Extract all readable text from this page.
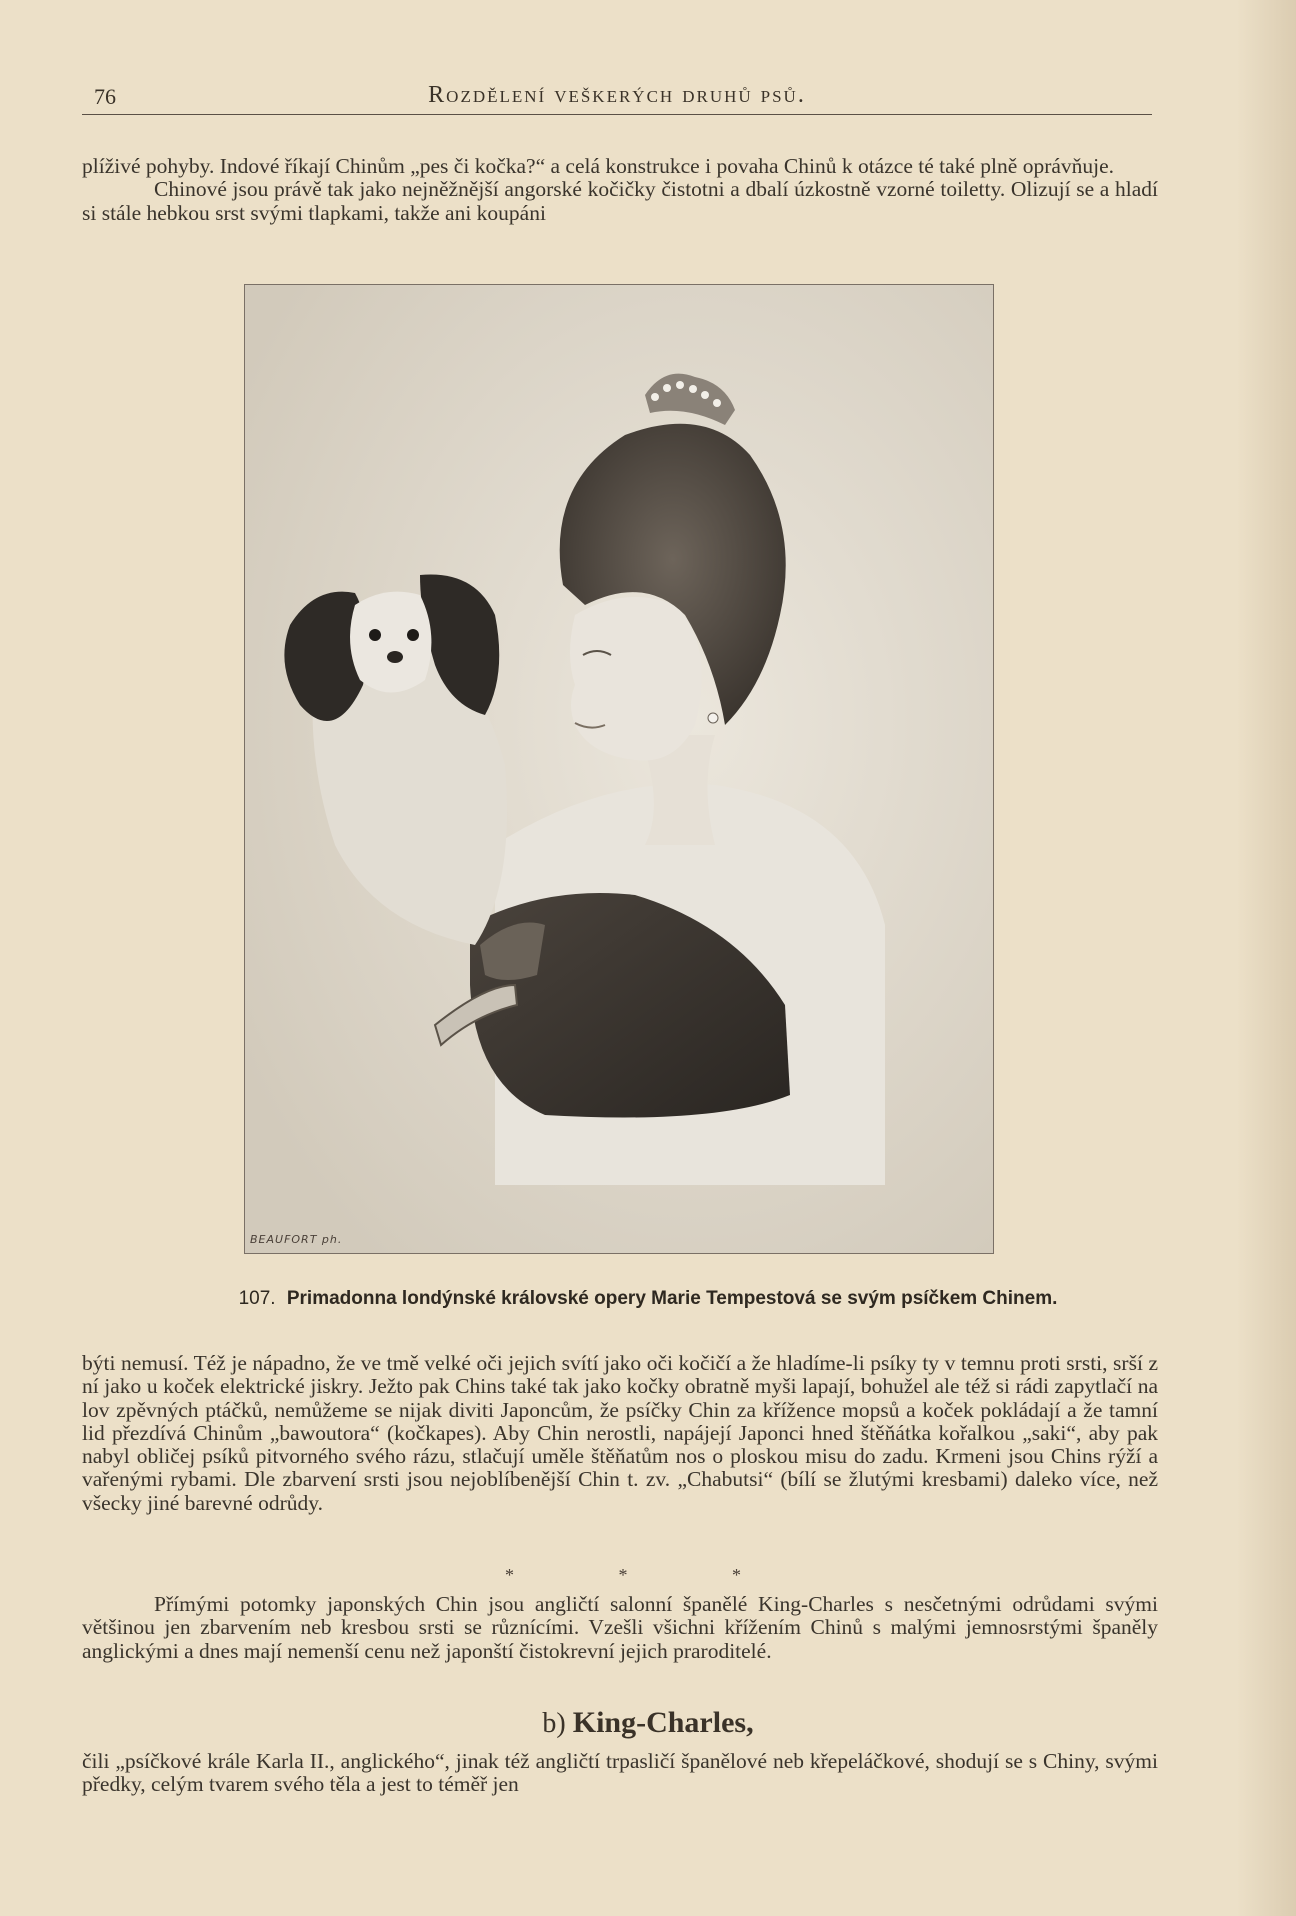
76	Rozdělení veškerých druhů psů.

plíživé pohyby. Indové říkají Chinům „pes či kočka?“ a celá konstrukce i povaha Chinů k otázce té také plně oprávňuje.

Chinové jsou právě tak jako nejněžnější angorské kočičky čistotni a dbalí úzkostně vzorné toiletty. Olizují se a hladí si stále hebkou srst svými tlapkami, takže ani koupáni

BEAUFORT ph.
107. Primadonna londýnské královské opery Marie Tempestová se svým psíčkem Chinem.

býti nemusí. Též je nápadno, že ve tmě velké oči jejich svítí jako oči kočičí a že hladíme-li psíky ty v temnu proti srsti, srší z ní jako u koček elektrické jiskry. Ježto pak Chins také tak jako kočky obratně myši lapají, bohužel ale též si rádi zapytlačí na lov zpěvných ptáčků, nemůžeme se nijak diviti Japoncům, že psíčky Chin za křížence mopsů a koček pokládají a že tamní lid přezdívá Chinům „bawoutora“ (kočkapes). Aby Chin nerostli, napájejí Japonci hned štěňátka kořalkou „saki“, aby pak nabyl obličej psíků pitvorného svého rázu, stlačují uměle štěňatům nos o ploskou misu do zadu. Krmeni jsou Chins rýží a vařenými rybami. Dle zbarvení srsti jsou nejoblíbenější Chin t. zv. „Chabutsi“ (bílí se žlutými kresbami) daleko více, než všecky jiné barevné odrůdy.

* * *

Přímými potomky japonských Chin jsou angličtí salonní španělé King-Charles s nesčetnými odrůdami svými většinou jen zbarvením neb kresbou srsti se různícími. Vzešli všichni křížením Chinů s malými jemnosrstými španěly anglickými a dnes mají nemenší cenu než japonští čistokrevní jejich praroditelé.

b) King-Charles,

čili „psíčkové krále Karla II., anglického“, jinak též angličtí trpasličí španělové neb křepeláčkové, shodují se s Chiny, svými předky, celým tvarem svého těla a jest to téměř jen
